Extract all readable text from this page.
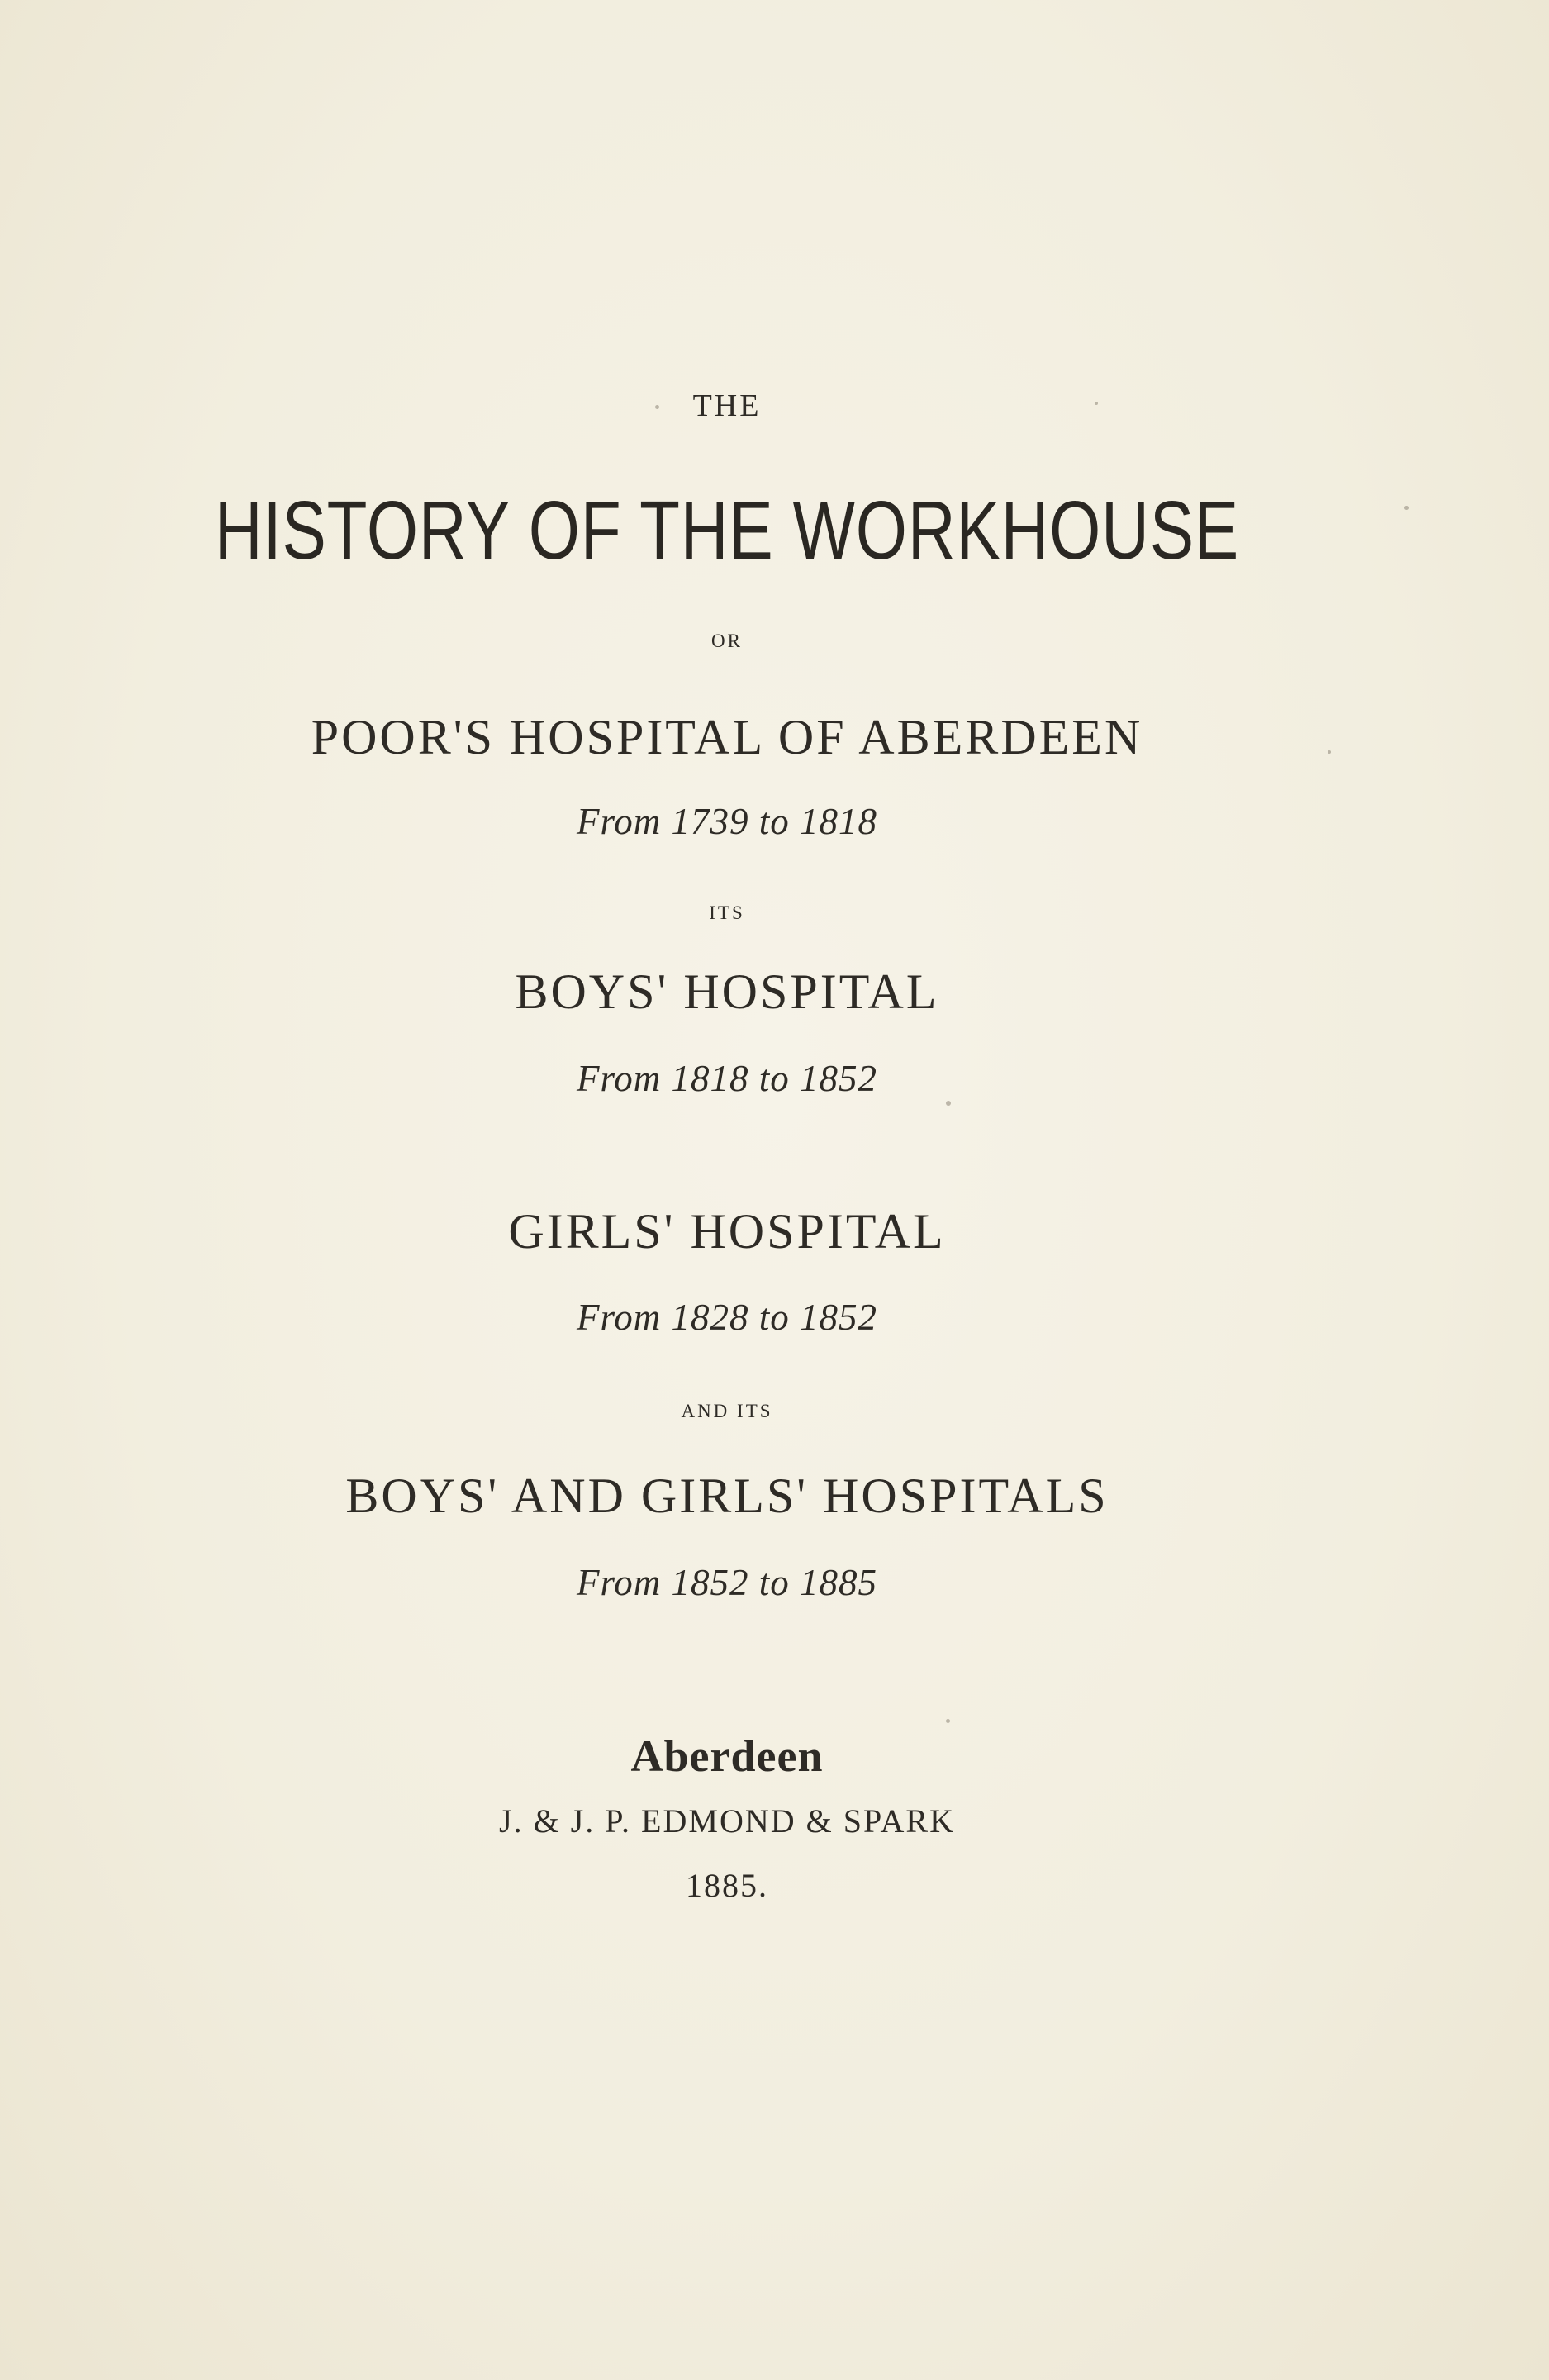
THE
HISTORY OF THE WORKHOUSE
OR
POOR'S HOSPITAL OF ABERDEEN
From 1739 to 1818
ITS
BOYS' HOSPITAL
From 1818 to 1852
GIRLS' HOSPITAL
From 1828 to 1852
AND ITS
BOYS' AND GIRLS' HOSPITALS
From 1852 to 1885
Aberdeen
J. & J. P. EDMOND & SPARK
1885.
